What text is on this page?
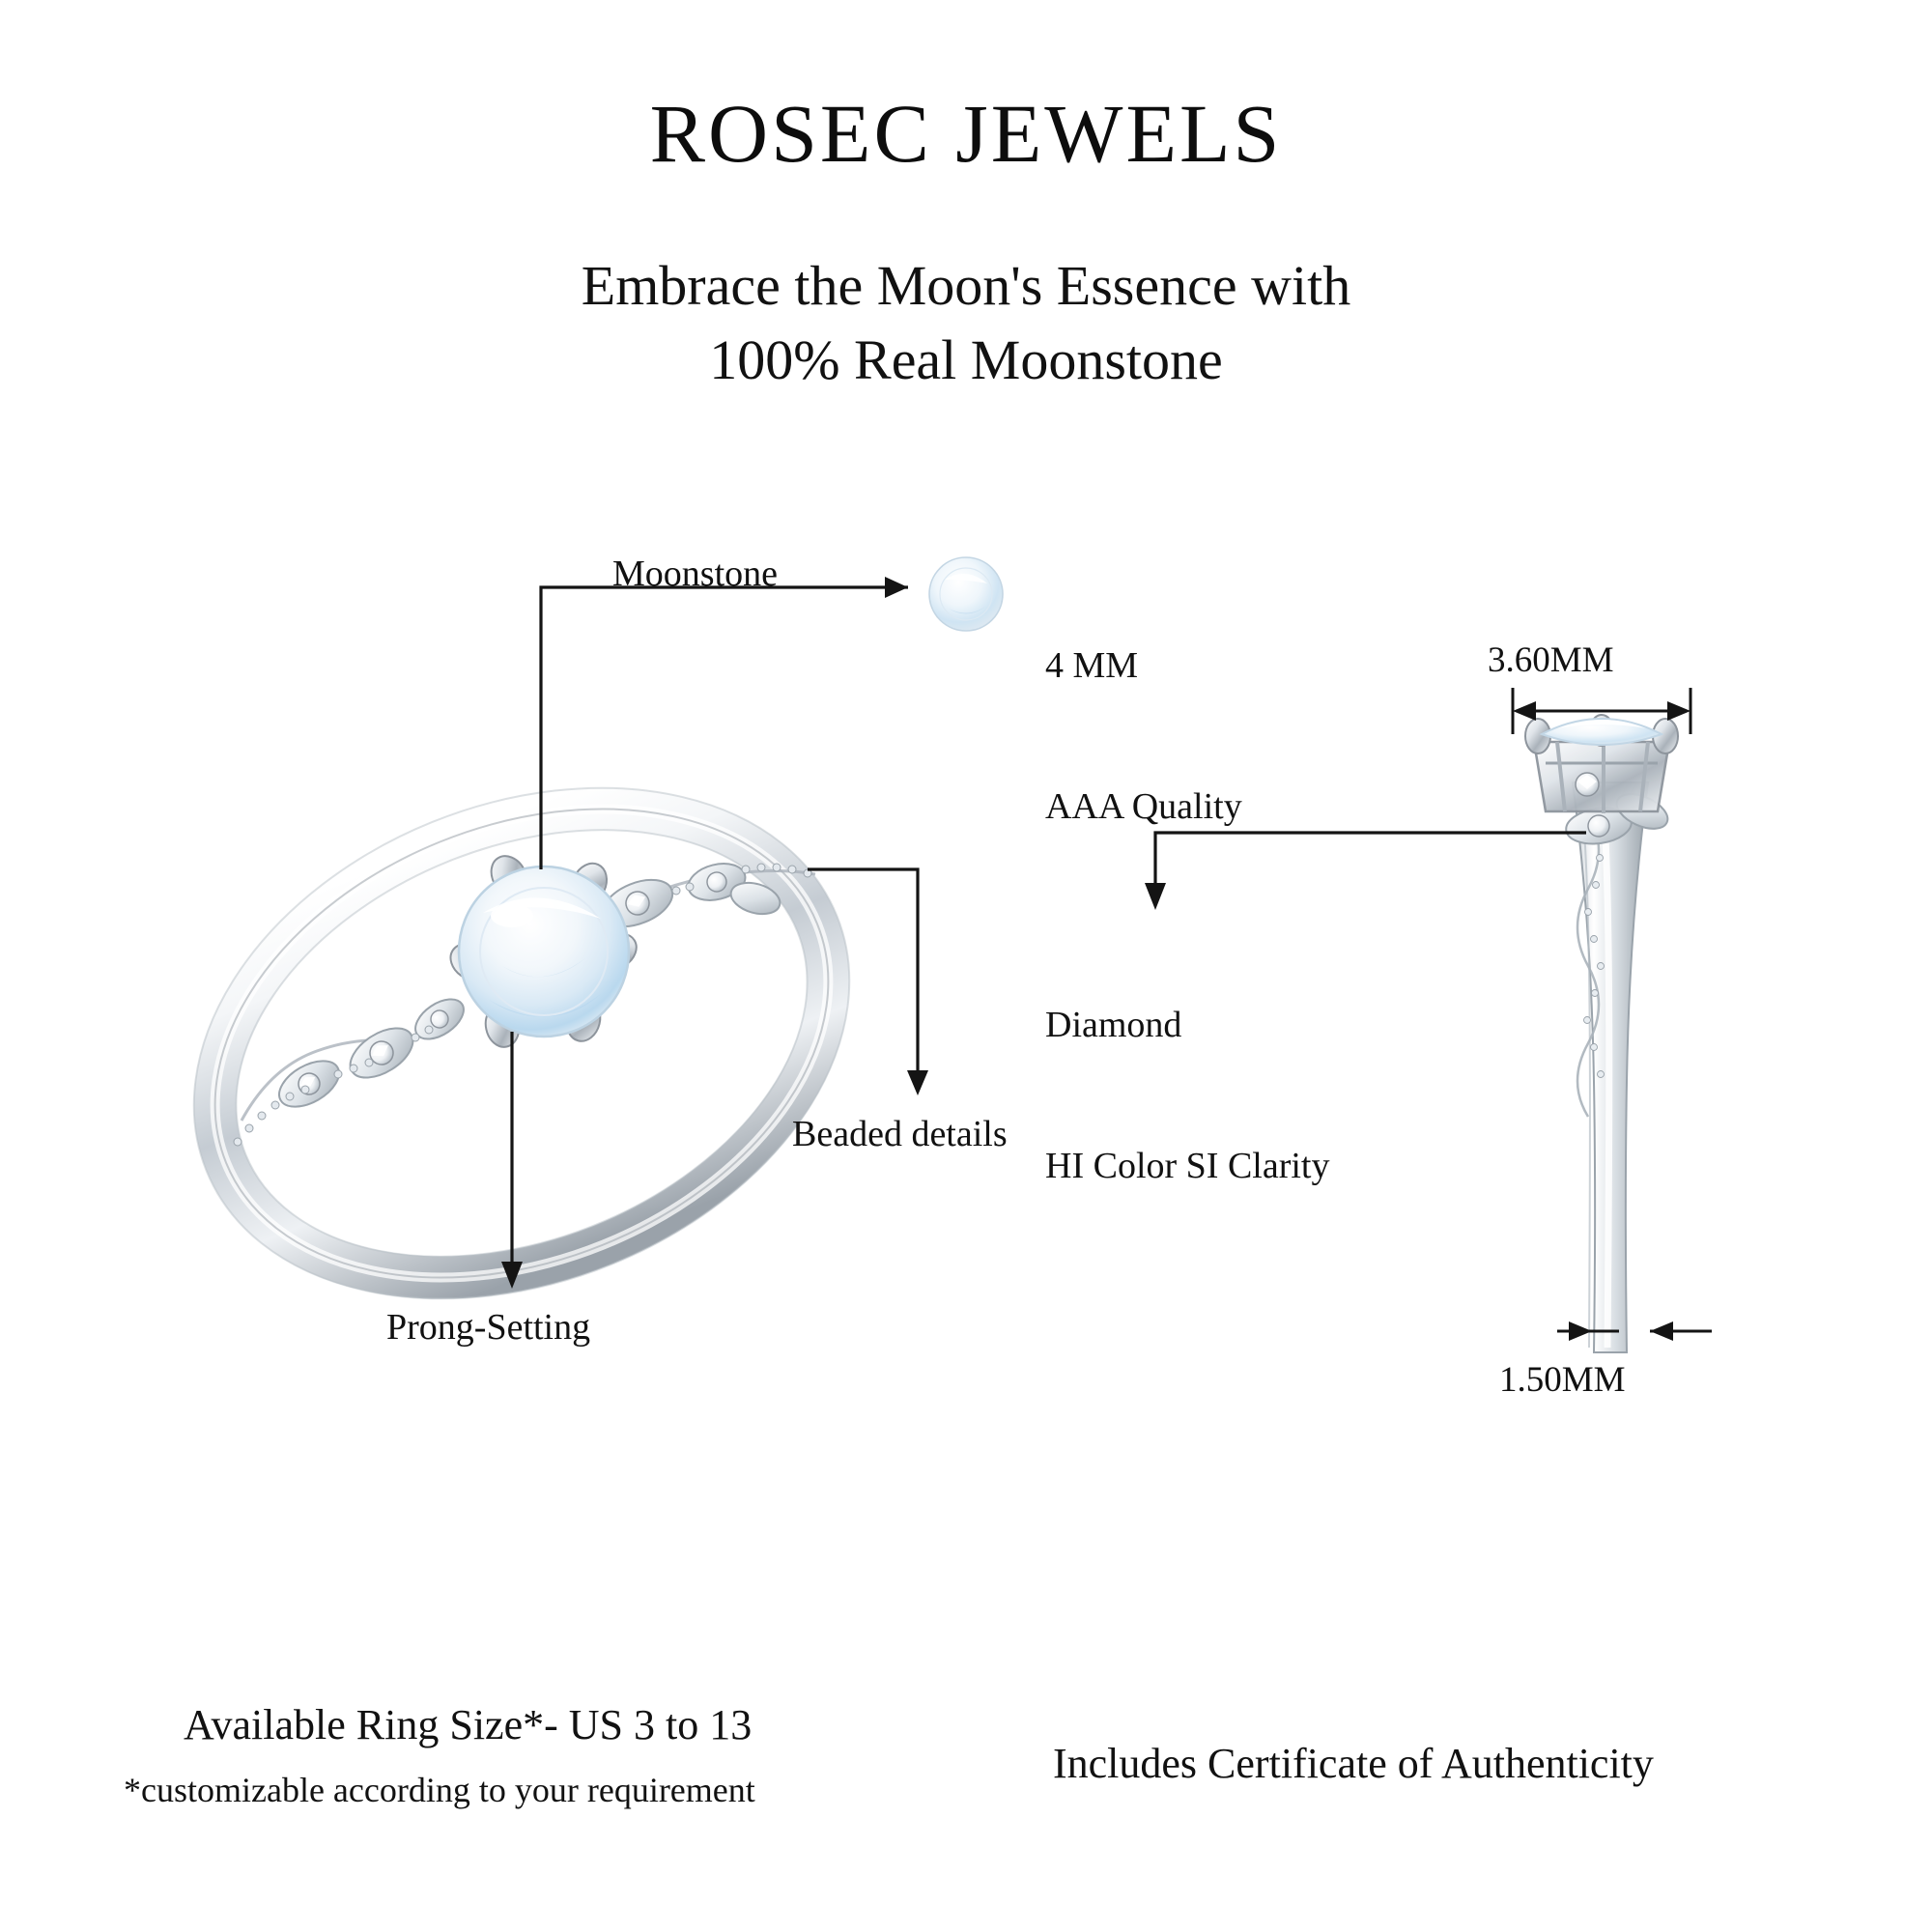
ROSEC JEWELS
Embrace the Moon's Essence with
100% Real Moonstone
Moonstone

4 MM

AAA Quality

Beaded details
Prong-Setting

Diamond

HI Color SI Clarity

3.60MM
1.50MM
Available Ring Size*- US 3 to 13
*customizable according to your requirement
Includes Certificate of Authenticity
